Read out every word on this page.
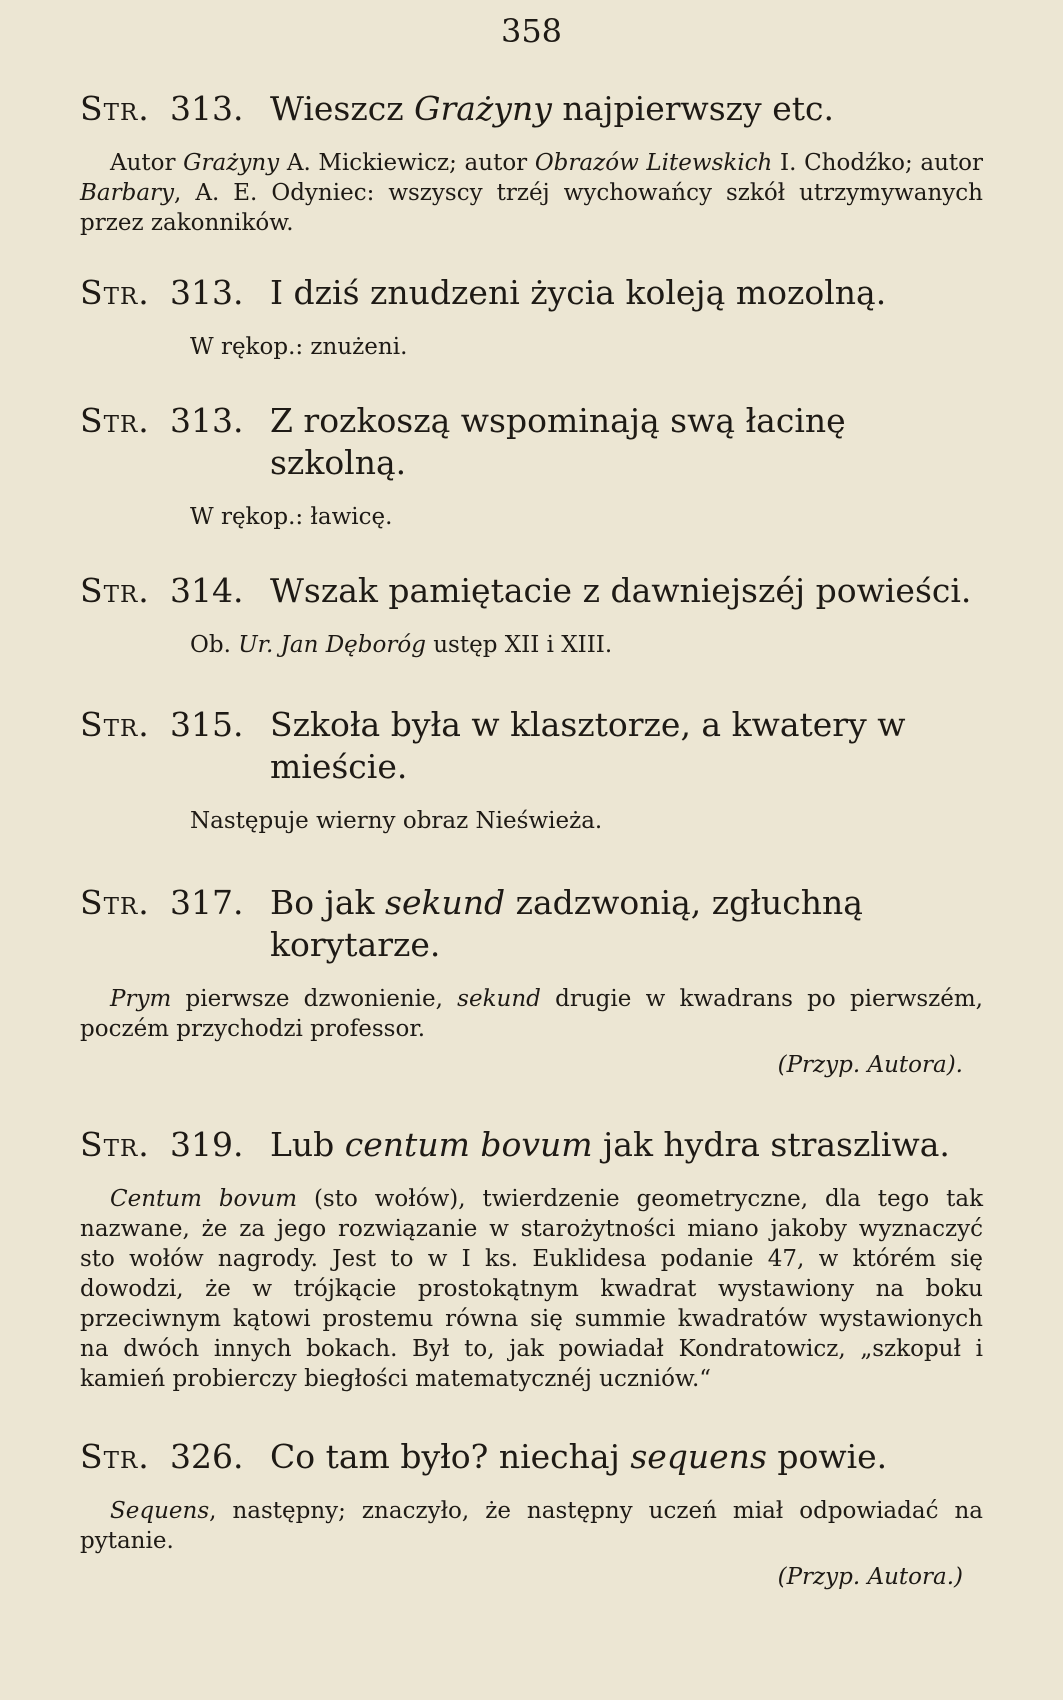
358
Str. 313. Wieszcz Grażyny najpierwszy etc.

Autor Grażyny A. Mickiewicz; autor Obrazów Litewskich I. Chodźko; autor Barbary, A. E. Odyniec: wszyscy trzéj wychowańcy szkół utrzymywanych przez zakonników.

Str. 313. I dziś znudzeni życia koleją mozolną.

W rękop.: znużeni.

Str. 313. Z rozkoszą wspominają swą łacinę szkolną.

W rękop.: ławicę.

Str. 314. Wszak pamiętacie z dawniejszéj powieści.

Ob. Ur. Jan Dęboróg ustęp XII i XIII.

Str. 315. Szkoła była w klasztorze, a kwatery w mieście.

Następuje wierny obraz Nieświeża.

Str. 317. Bo jak sekund zadzwonią, zgłuchną korytarze.

Prym pierwsze dzwonienie, sekund drugie w kwadrans po pierwszém, poczém przychodzi professor.

(Przyp. Autora).
Str. 319. Lub centum bovum jak hydra straszliwa.

Centum bovum (sto wołów), twierdzenie geometryczne, dla tego tak nazwane, że za jego rozwiązanie w starożytności miano jakoby wyznaczyć sto wołów nagrody. Jest to w I ks. Euklidesa podanie 47, w którém się dowodzi, że w trójkącie prostokątnym kwadrat wystawiony na boku przeciwnym kątowi prostemu równa się summie kwadratów wystawionych na dwóch innych bokach. Był to, jak powiadał Kondratowicz, „szkopuł i kamień probierczy biegłości matematycznéj uczniów.“

Str. 326. Co tam było? niechaj sequens powie.

Sequens, następny; znaczyło, że następny uczeń miał odpowiadać na pytanie.

(Przyp. Autora.)
